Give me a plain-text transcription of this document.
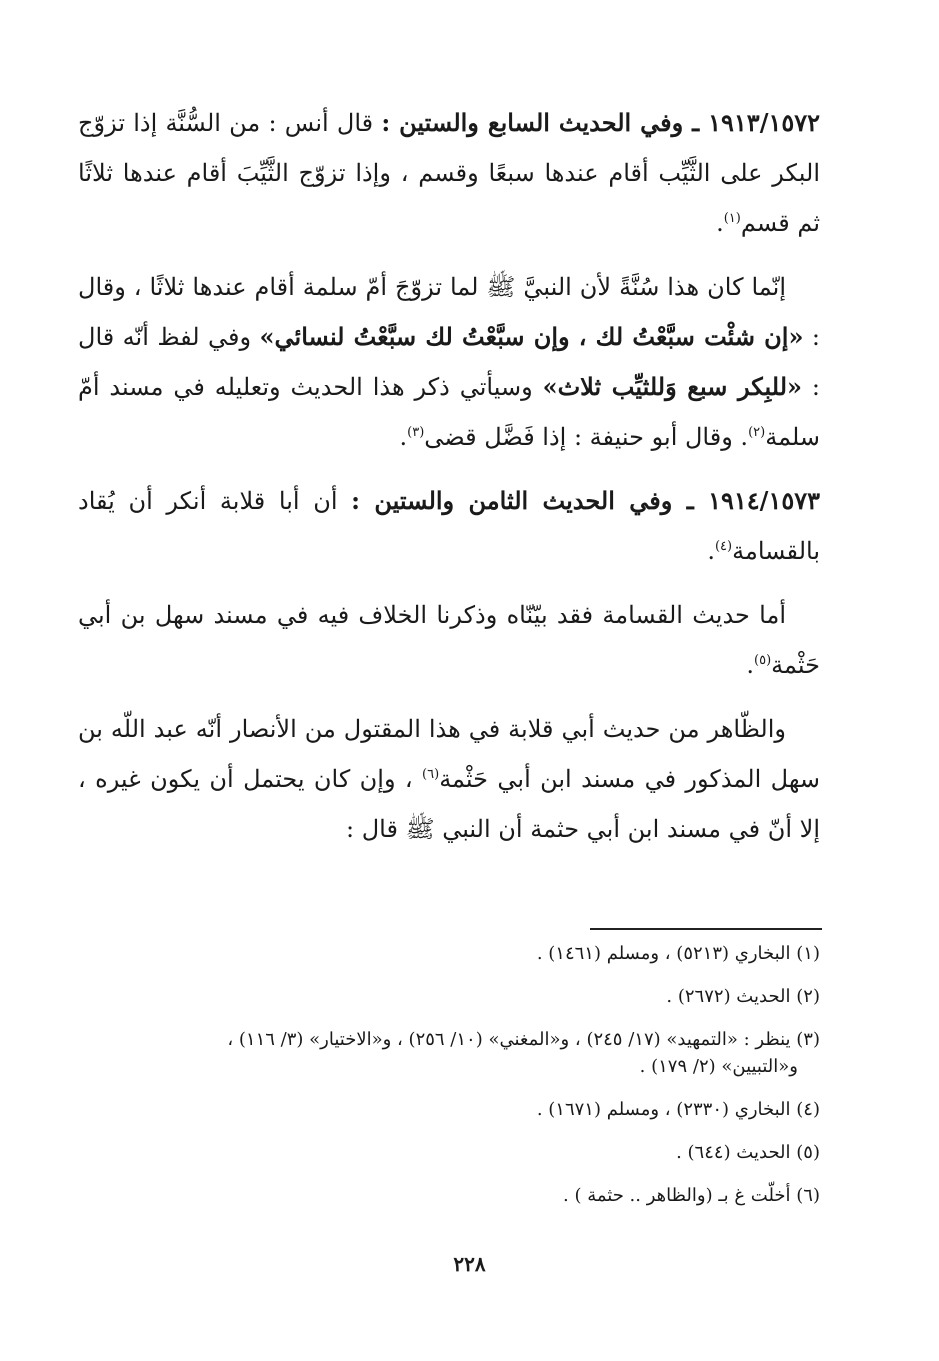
١٩١٣/١٥٧٢ ـ وفي الحديث السابع والستين : قال أنس : من السُّنَّة إذا تزوّج البكر على الثَّيِّب أقام عندها سبعًا وقسم ، وإذا تزوّج الثَّيِّبَ أقام عندها ثلاثًا ثم قسم$^{(١)}$.

إنّما كان هذا سُنَّةً لأن النبيَّ ﷺ لما تزوّجَ أمّ سلمة أقام عندها ثلاثًا ، وقال : «إن شئْت سبَّعْتُ لك ، وإن سبَّعْتُ لك سبَّعْتُ لنسائي» وفي لفظ أنّه قال : «للبِكر سبع وَللثيِّب ثلاث» وسيأتي ذكر هذا الحديث وتعليله في مسند أمّ سلمة$^{(٢)}$. وقال أبو حنيفة : إذا فَضَّل قضى$^{(٣)}$.

١٩١٤/١٥٧٣ ـ وفي الحديث الثامن والستين : أن أبا قلابة أنكر أن يُقاد بالقسامة$^{(٤)}$.

أما حديث القسامة فقد بيّنّاه وذكرنا الخلاف فيه في مسند سهل بن أبي حَثْمة$^{(٥)}$.

والظّاهر من حديث أبي قلابة في هذا المقتول من الأنصار أنّه عبد اللّه بن سهل المذكور في مسند ابن أبي حَثْمة$^{(٦)}$ ، وإن كان يحتمل أن يكون غيره ، إلا أنّ في مسند ابن أبي حثمة أن النبي ﷺ قال :

(١) البخاري (٥٢١٣) ، ومسلم (١٤٦١) .
(٢) الحديث (٢٦٧٢) .
(٣) ينظر : «التمهيد» (١٧/ ٢٤٥) ، و«المغني» (١٠/ ٢٥٦) ، و«الاختيار» (٣/ ١١٦) ،
و«التبيين» (٢/ ١٧٩) .
(٤) البخاري (٢٣٣٠) ، ومسلم (١٦٧١) .
(٥) الحديث (٦٤٤) .
(٦) أخلّت غ بـ (والظاهر .. حثمة ) .
٢٢٨
